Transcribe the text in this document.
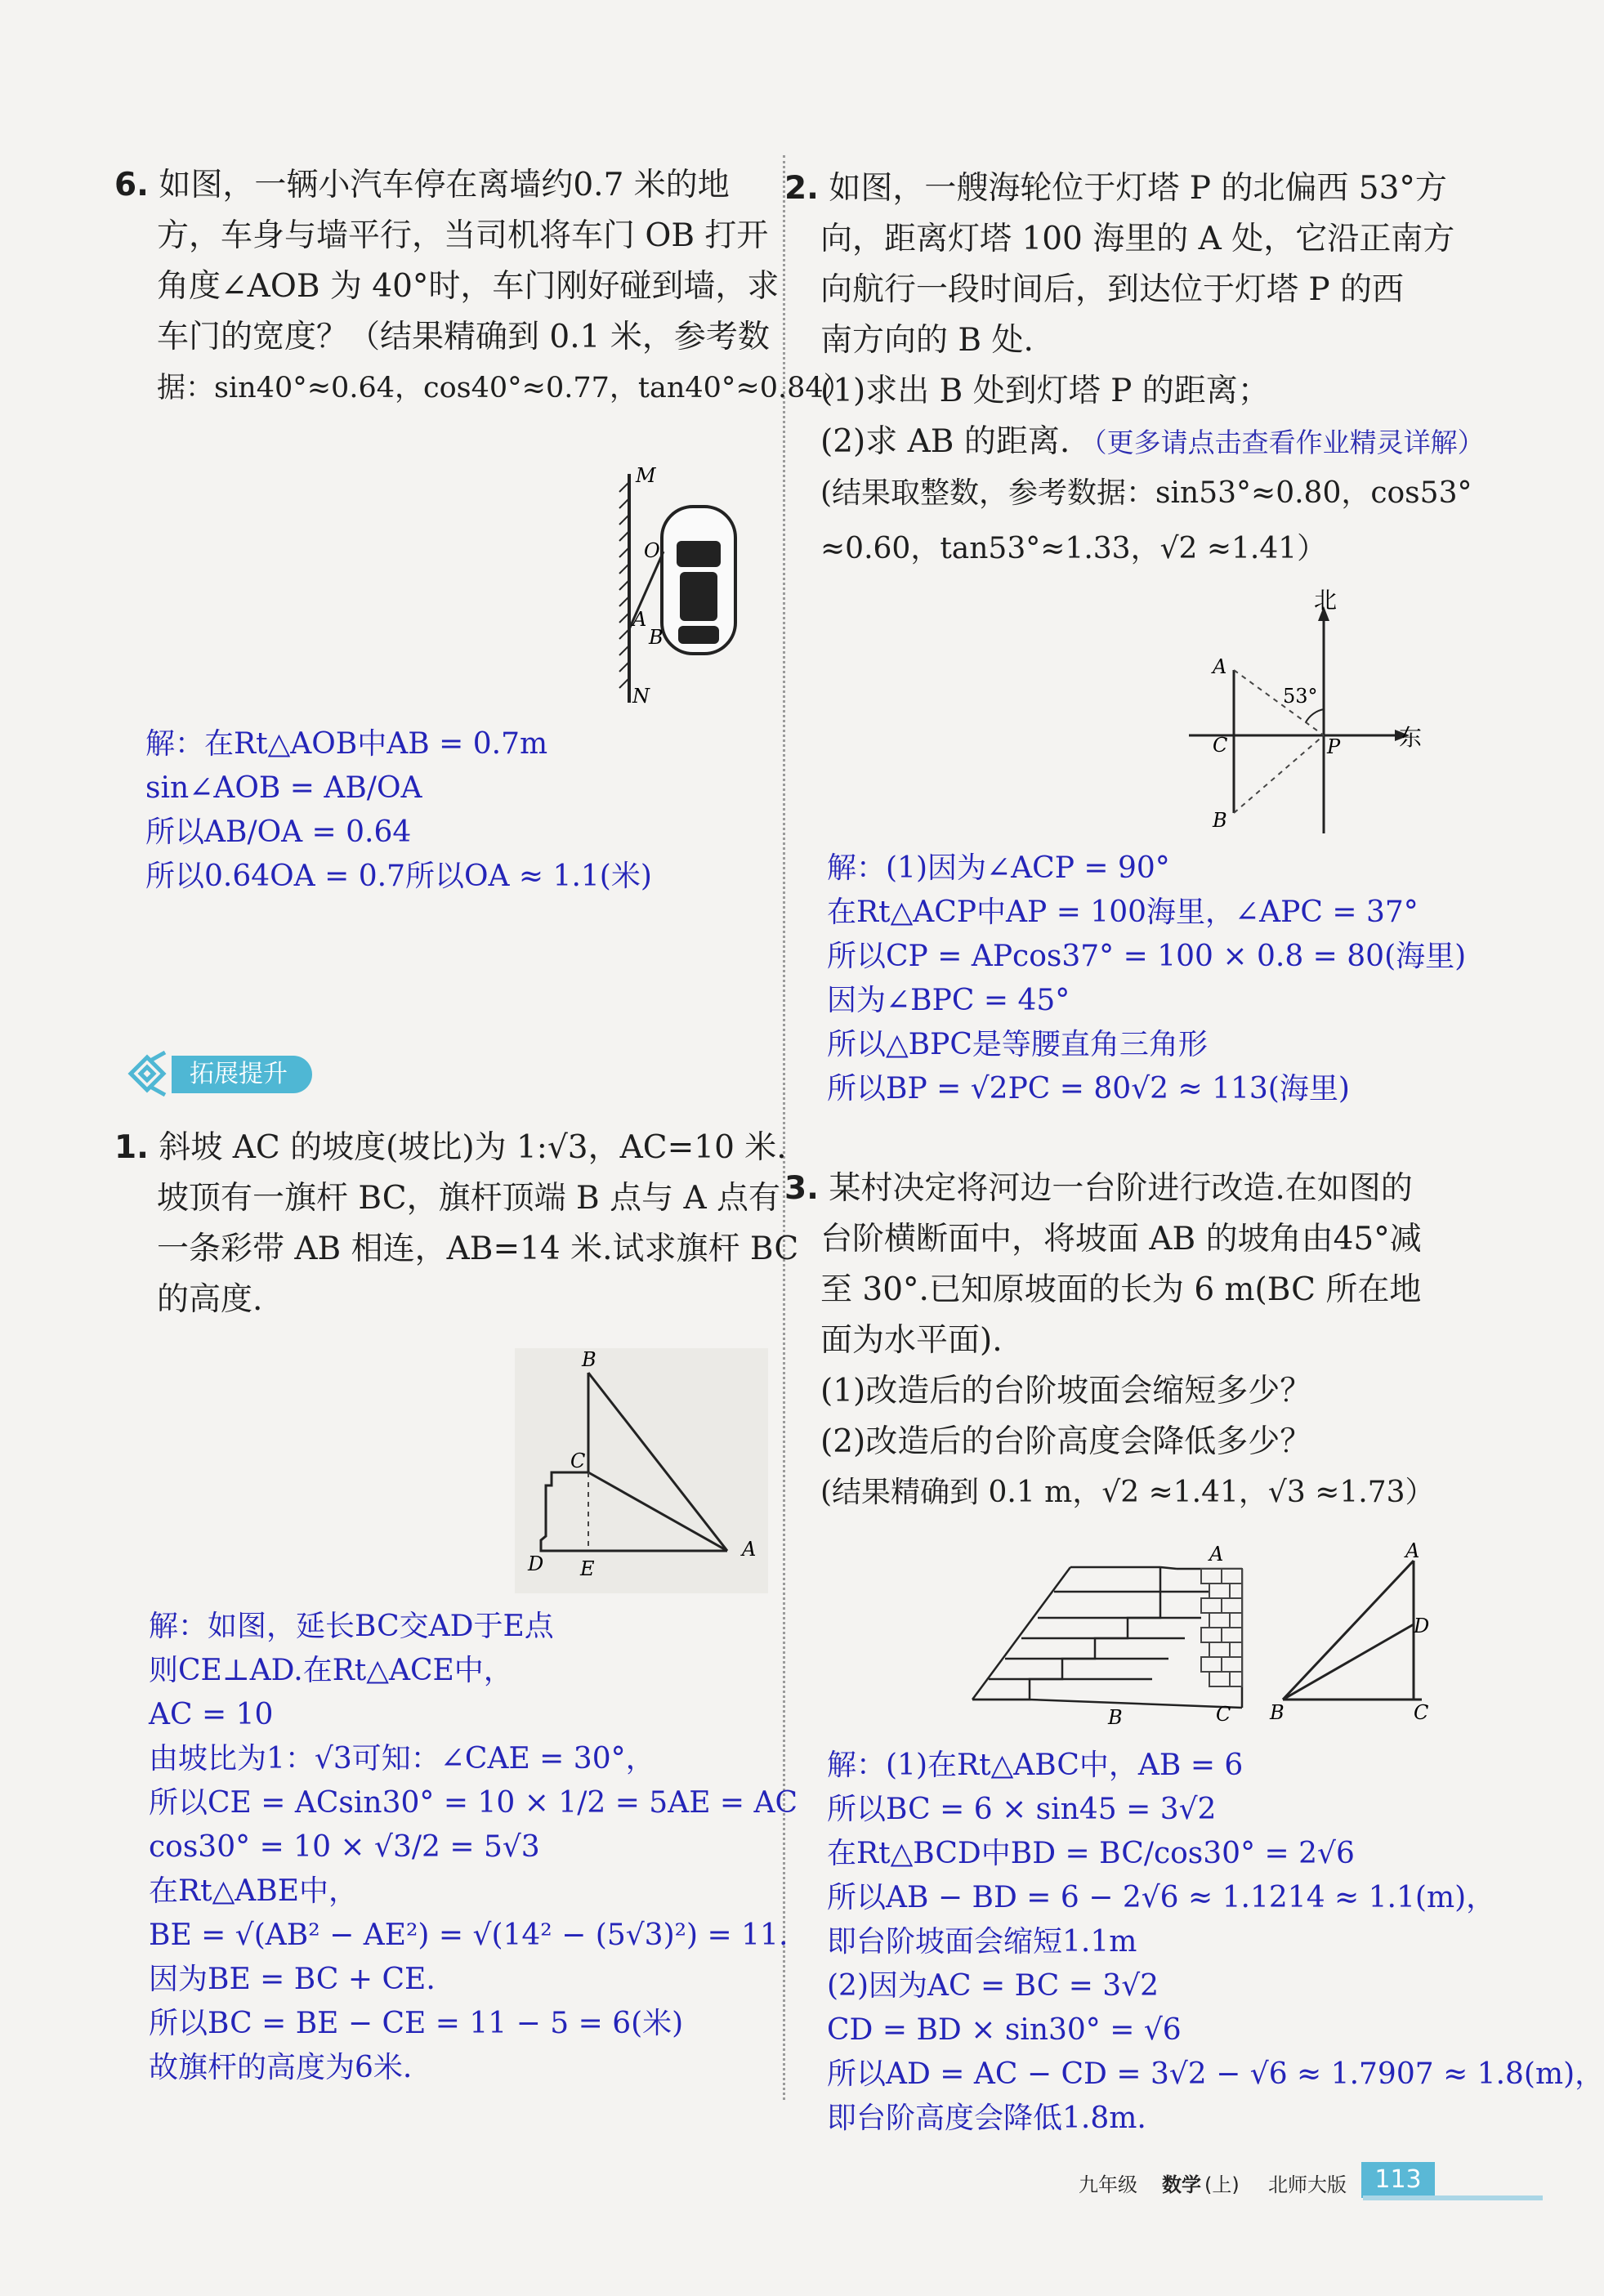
6. 如图，一辆小汽车停在离墙约0.7 米的地
方，车身与墙平行，当司机将车门 OB 打开
角度∠AOB 为 40°时，车门刚好碰到墙，求
车门的宽度？（结果精确到 0.1 米，参考数
据：sin40°≈0.64，cos40°≈0.77，tan40°≈0.84）
M
O
A
B
N
解：在Rt△AOB中AB = 0.7m
sin∠AOB = AB/OA
所以AB/OA = 0.64
所以0.64OA = 0.7所以OA ≈ 1.1(米)
拓展提升
1. 斜坡 AC 的坡度(坡比)为 1:√3，AC=10 米.
坡顶有一旗杆 BC，旗杆顶端 B 点与 A 点有
一条彩带 AB 相连，AB=14 米.试求旗杆 BC
的高度.
B
C
D E
A
解：如图，延长BC交AD于E点
则CE⊥AD.在Rt△ACE中，
AC = 10
由坡比为1：√3可知：∠CAE = 30°，
所以CE = ACsin30° = 10 × 1/2 = 5AE = AC
cos30° = 10 × √3/2 = 5√3
在Rt△ABE中，
BE = √(AB² − AE²) = √(14² − (5√3)²) = 11.
因为BE = BC + CE.
所以BC = BE − CE = 11 − 5 = 6(米)
故旗杆的高度为6米.
2. 如图，一艘海轮位于灯塔 P 的北偏西 53°方
向，距离灯塔 100 海里的 A 处，它沿正南方
向航行一段时间后，到达位于灯塔 P 的西
南方向的 B 处.
(1)求出 B 处到灯塔 P 的距离；
(2)求 AB 的距离. （更多请点击查看作业精灵详解）
(结果取整数，参考数据：sin53°≈0.80，cos53°
≈0.60，tan53°≈1.33，√2 ≈1.41）
北
东
53°
A
C	P
B
解：(1)因为∠ACP = 90°
在Rt△ACP中AP = 100海里，∠APC = 37°
所以CP = APcos37° = 100 × 0.8 = 80(海里)
因为∠BPC = 45°
所以△BPC是等腰直角三角形
所以BP = √2PC = 80√2 ≈ 113(海里)
3. 某村决定将河边一台阶进行改造.在如图的
台阶横断面中，将坡面 AB 的坡角由45°减
至 30°.已知原坡面的长为 6 m(BC 所在地
面为水平面).
(1)改造后的台阶坡面会缩短多少？
(2)改造后的台阶高度会降低多少？
(结果精确到 0.1 m，√2 ≈1.41，√3 ≈1.73）
A
C
B	B
A
D
C
解：(1)在Rt△ABC中，AB = 6
所以BC = 6 × sin45 = 3√2
在Rt△BCD中BD = BC/cos30° = 2√6
所以AB − BD = 6 − 2√6 ≈ 1.1214 ≈ 1.1(m)，
即台阶坡面会缩短1.1m
(2)因为AC = BC = 3√2
CD = BD × sin30° = √6
所以AD = AC − CD = 3√2 − √6 ≈ 1.7907 ≈ 1.8(m)，
即台阶高度会降低1.8m.
九年级 数学 (上) 北师大版	113
